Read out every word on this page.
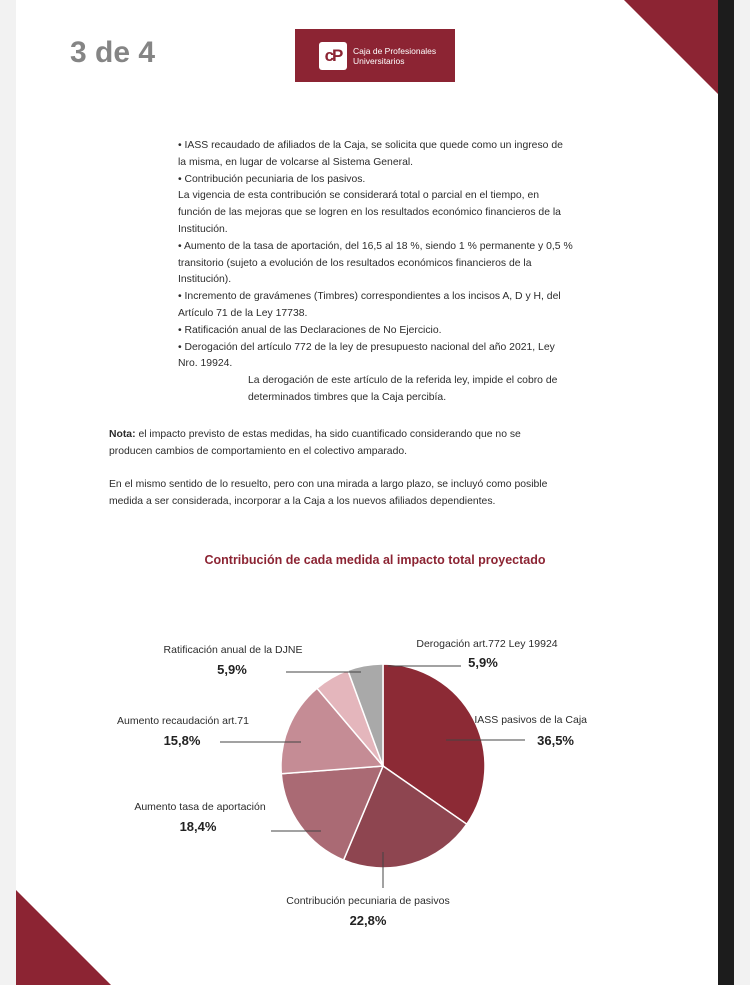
3 de 4	cP	Caja de Profesionales
Universitarios

• IASS recaudado de afiliados de la Caja, se solicita que quede como un ingreso de

la misma, en lugar de volcarse al Sistema General.

• Contribución pecuniaria de los pasivos.

La vigencia de esta contribución se considerará total o parcial en el tiempo, en

función de las mejoras que se logren en los resultados económico financieros de la

Institución.

• Aumento de la tasa de aportación, del 16,5 al 18 %, siendo 1 % permanente y 0,5 %

transitorio (sujeto a evolución de los resultados económicos financieros de la

Institución).

• Incremento de gravámenes (Timbres) correspondientes a los incisos A, D y H, del

Artículo 71 de la Ley 17738.

• Ratificación anual de las Declaraciones de No Ejercicio.

• Derogación del artículo 772 de la ley de presupuesto nacional del año 2021, Ley

Nro. 19924.

La derogación de este artículo de la referida ley, impide el cobro de

determinados timbres que la Caja percibía.

Nota: el impacto previsto de estas medidas, ha sido cuantificado considerando que no se

producen cambios de comportamiento en el colectivo amparado.

En el mismo sentido de lo resuelto, pero con una mirada a largo plazo, se incluyó como posible

medida a ser considerada, incorporar a la Caja a los nuevos afiliados dependientes.

Contribución de cada medida al impacto total proyectado
IASS pasivos de la Caja
36,5%
Contribución pecuniaria de pasivos
22,8%
Aumento tasa de aportación
18,4%
Aumento recaudación art.71
15,8%
Ratificación anual de la DJNE
5,9%
Derogación art.772 Ley 19924
5,9%
